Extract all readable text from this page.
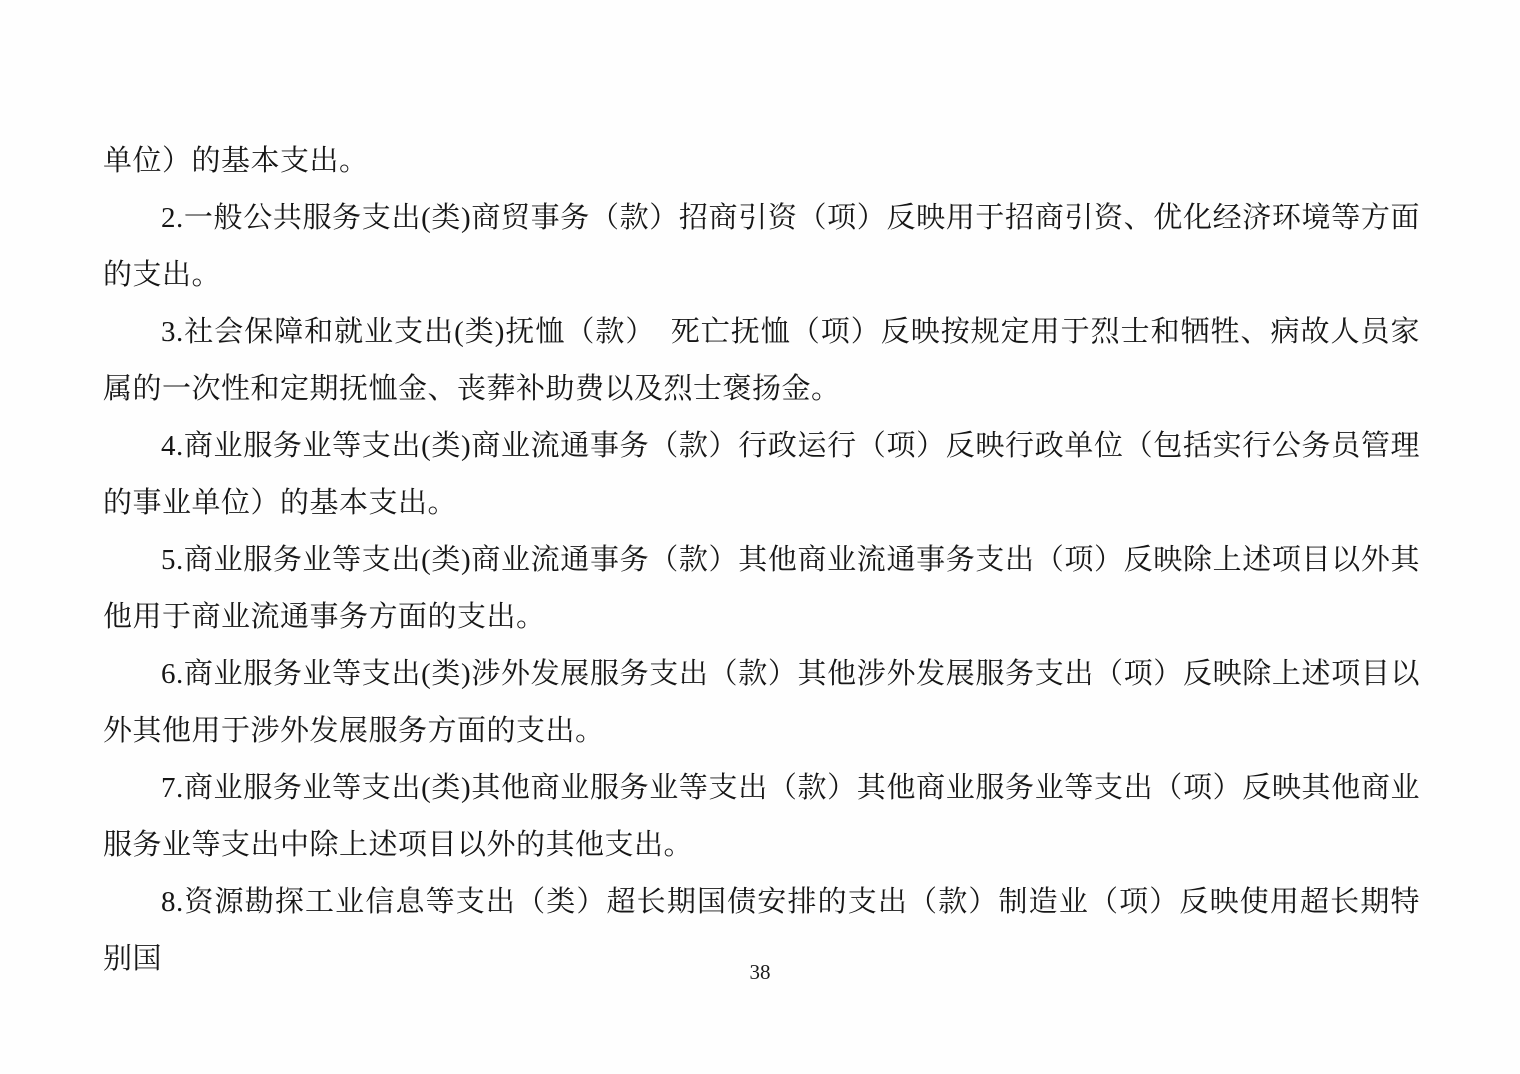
单位）的基本支出。

2.一般公共服务支出(类)商贸事务（款）招商引资（项）反映用于招商引资、优化经济环境等方面的支出。

3.社会保障和就业支出(类)抚恤（款）　死亡抚恤（项）反映按规定用于烈士和牺牲、病故人员家属的一次性和定期抚恤金、丧葬补助费以及烈士褒扬金。

4.商业服务业等支出(类)商业流通事务（款）行政运行（项）反映行政单位（包括实行公务员管理的事业单位）的基本支出。

5.商业服务业等支出(类)商业流通事务（款）其他商业流通事务支出（项）反映除上述项目以外其他用于商业流通事务方面的支出。

6.商业服务业等支出(类)涉外发展服务支出（款）其他涉外发展服务支出（项）反映除上述项目以外其他用于涉外发展服务方面的支出。

7.商业服务业等支出(类)其他商业服务业等支出（款）其他商业服务业等支出（项）反映其他商业服务业等支出中除上述项目以外的其他支出。

8.资源勘探工业信息等支出（类）超长期国债安排的支出（款）制造业（项）反映使用超长期特别国	38
